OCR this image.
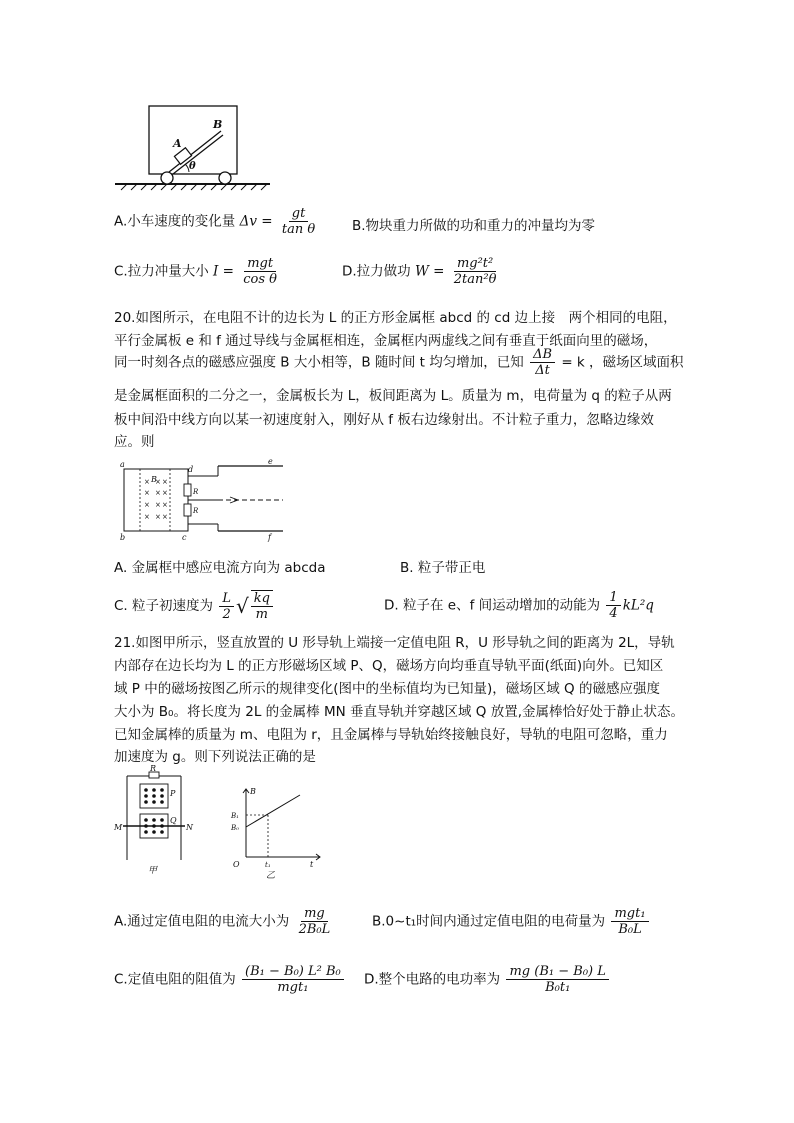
A
B
θ
A.小车速度的变化量 $\Delta v = \frac{gt}{\text{tan θ}}$	B.物块重力所做的功和重力的冲量均为零
C.拉力冲量大小 $I = \frac{\text{mgt}}{\text{cos θ}}$	D.拉力做功 $W = \frac{\text{mg²t²}}{\text{2tan²θ}}$
20.如图所示，在电阻不计的边长为 L 的正方形金属框 abcd 的 cd 边上接　两个相同的电阻，
平行金属板 e 和 f 通过导线与金属框相连，金属框内两虚线之间有垂直于纸面向里的磁场，
同一时刻各点的磁感应强度 B 大小相等，B 随时间 t 均匀增加，已知 $\frac{\Delta B}{\Delta t} = k$ ，磁场区域面积
是金属框面积的二分之一，金属板长为 L，板间距离为 L。质量为 m，电荷量为 q 的粒子从两
板中间沿中线方向以某一初速度射入，刚好从 f 板右边缘射出。不计粒子重力，忽略边缘效
应。则
× × ×
× × ×
× × ×
× × ×
a
b	c
d
e
f
B
R
R
A. 金属框中感应电流方向为 abcda	B. 粒子带正电
C. 粒子初速度为 $\frac{L}{2}$ √ $\frac{kq}{m}$	D. 粒子在 e、f 间运动增加的动能为 $\frac{1}{4} kL^2q$
21.如图甲所示，竖直放置的 U 形导轨上端接一定值电阻 R，U 形导轨之间的距离为 2L，导轨
内部存在边长均为 L 的正方形磁场区域 P、Q，磁场方向均垂直导轨平面(纸面)向外。已知区
域 P 中的磁场按图乙所示的规律变化(图中的坐标值均为已知量)，磁场区域 Q 的磁感应强度
大小为 B₀。将长度为 2L 的金属棒 MN 垂直导轨并穿越区域 Q 放置,金属棒恰好处于静止状态。
已知金属棒的质量为 m、电阻为 r，且金属棒与导轨始终接触良好，导轨的电阻可忽略，重力
加速度为 g。则下列说法正确的是
R
P
Q
M	N
甲
B
B₁
B₀
O	t₁	t
乙
A.通过定值电阻的电流大小为 $\frac{mg}{\text{2B₀L}}$	B.0~t₁时间内通过定值电阻的电荷量为 $\frac{\text{mgt₁}}{\text{B₀L}}$
C.定值电阻的阻值为 $\frac{\text{(B₁ − B₀) L² B₀}}{\text{mgt₁}} D$.整个电路的电功率为 $\frac{\text{mg (B₁ − B₀) L}}{\text{B₀t₁}}$
